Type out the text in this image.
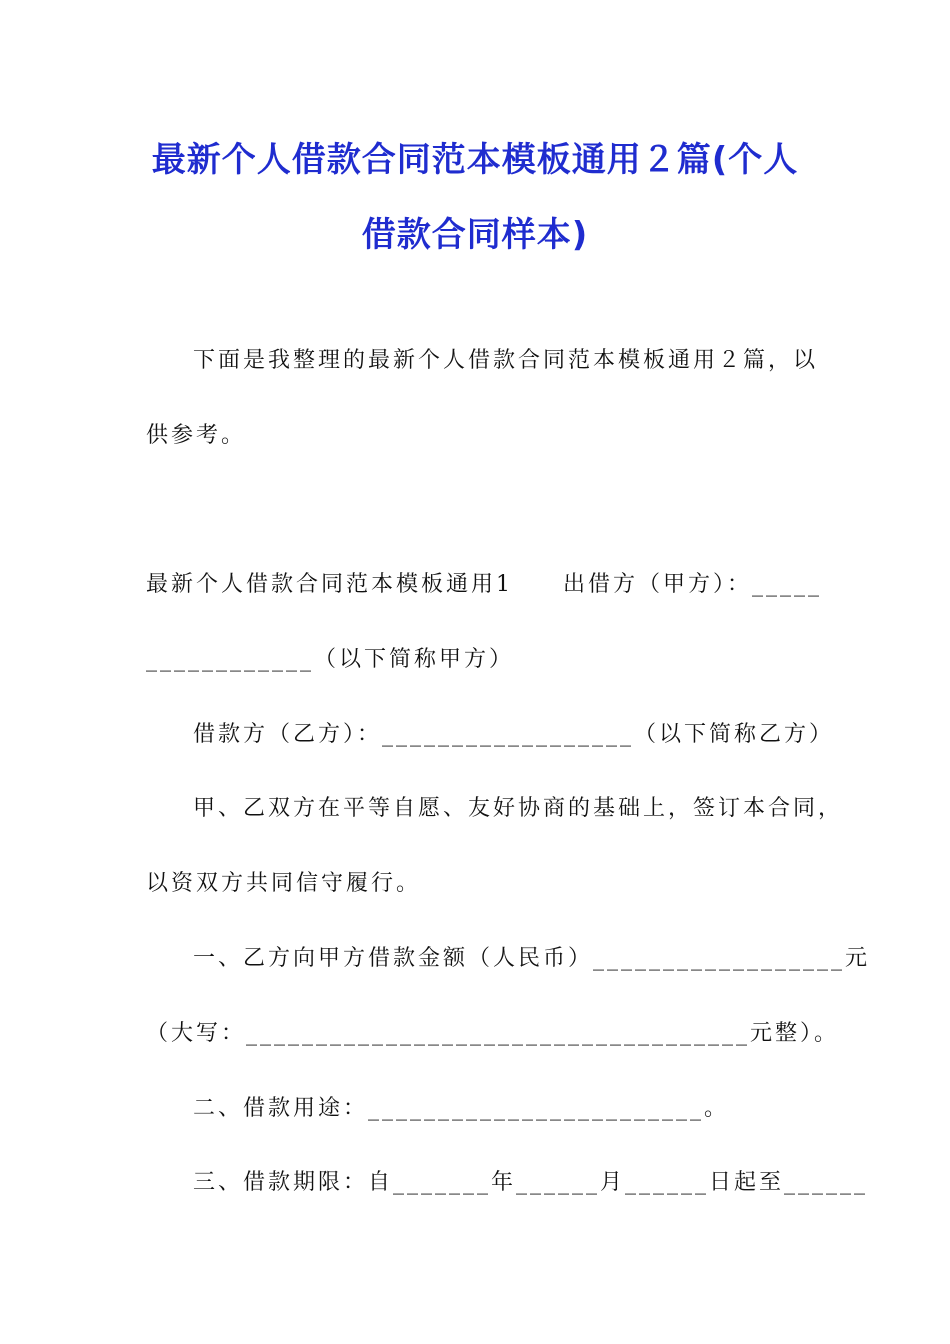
最新个人借款合同范本模板通用２篇(个人
借款合同样本)
下面是我整理的最新个人借款合同范本模板通用２篇，以
供参考。
最新个人借款合同范本模板通用1　　出借方（甲方）：_____
____________（以下简称甲方）
借款方（乙方）：__________________（以下简称乙方）
甲、乙双方在平等自愿、友好协商的基础上，签订本合同，
以资双方共同信守履行。
一、乙方向甲方借款金额（人民币）__________________元
（大写：____________________________________元整）。
二、借款用途：________________________。
三、借款期限：自_______年______月______日起至______
